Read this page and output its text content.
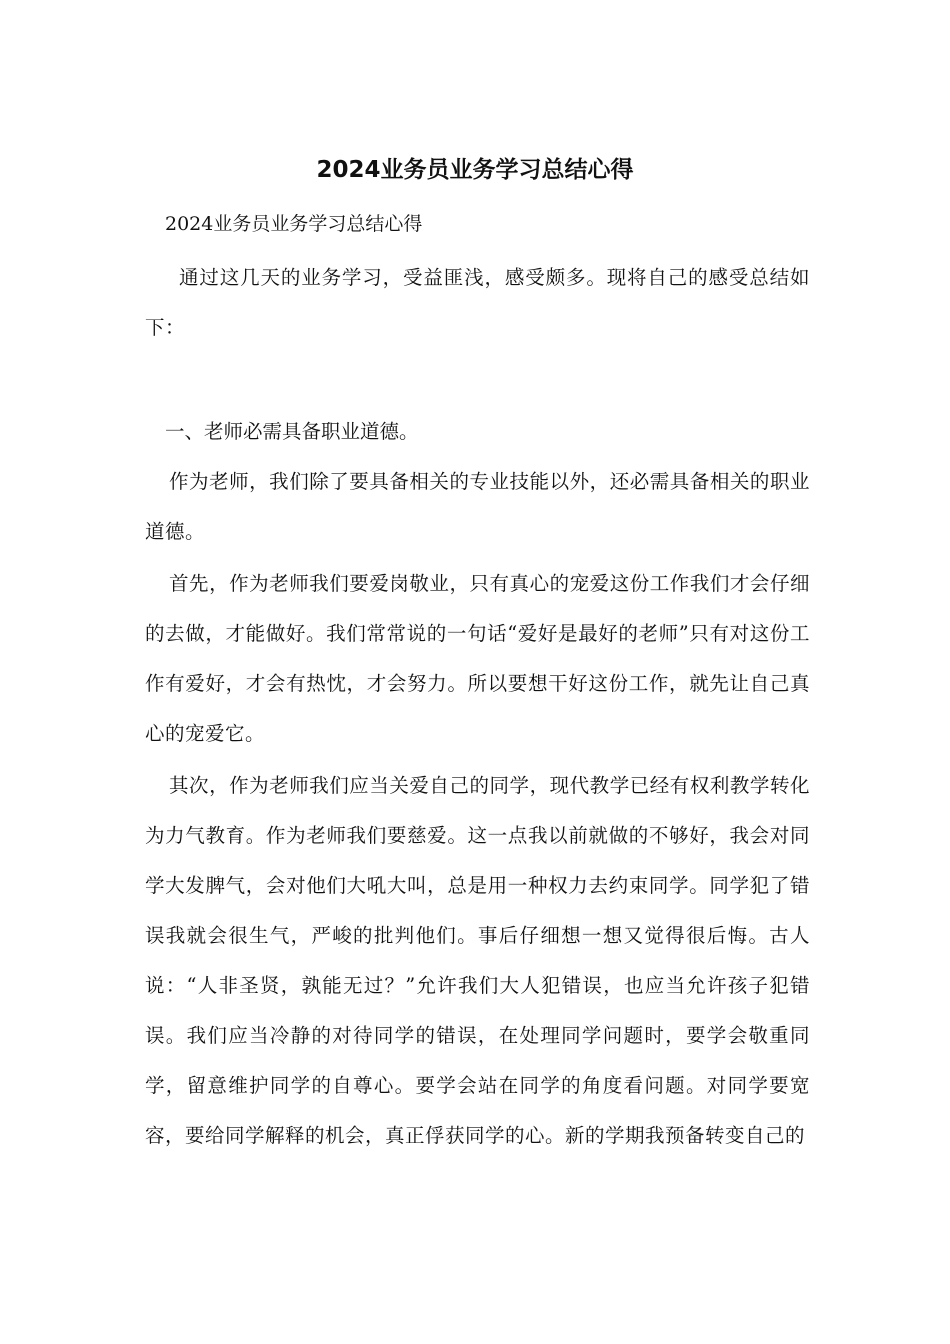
2024业务员业务学习总结心得

2024业务员业务学习总结心得

通过这几天的业务学习，受益匪浅，感受颇多。现将自己的感受总结如下：

一、老师必需具备职业道德。

作为老师，我们除了要具备相关的专业技能以外，还必需具备相关的职业道德。

首先，作为老师我们要爱岗敬业，只有真心的宠爱这份工作我们才会仔细的去做，才能做好。我们常常说的一句话“爱好是最好的老师”只有对这份工作有爱好，才会有热忱，才会努力。所以要想干好这份工作，就先让自己真心的宠爱它。

其次，作为老师我们应当关爱自己的同学，现代教学已经有权利教学转化为力气教育。作为老师我们要慈爱。这一点我以前就做的不够好，我会对同学大发脾气，会对他们大吼大叫，总是用一种权力去约束同学。同学犯了错误我就会很生气，严峻的批判他们。事后仔细想一想又觉得很后悔。古人说：“人非圣贤，孰能无过？”允许我们大人犯错误，也应当允许孩子犯错误。我们应当冷静的对待同学的错误，在处理同学问题时，要学会敬重同学，留意维护同学的自尊心。要学会站在同学的角度看问题。对同学要宽容，要给同学解释的机会，真正俘获同学的心。新的学期我预备转变自己的
